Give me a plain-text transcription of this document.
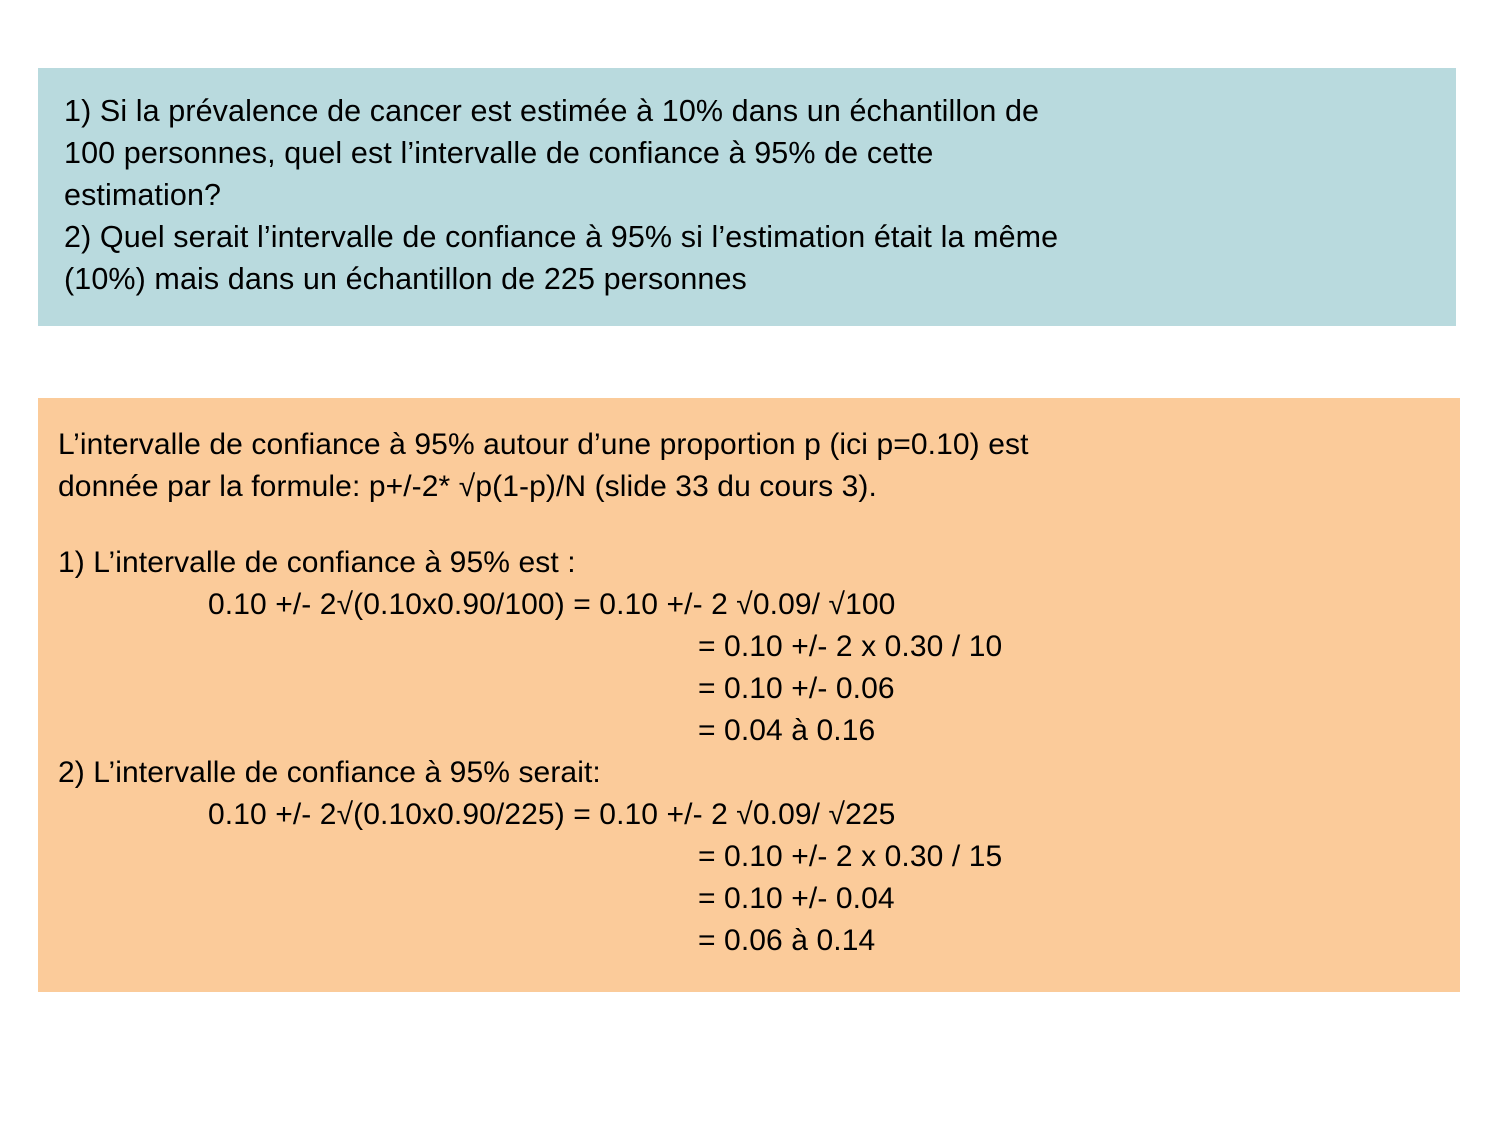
1) Si la prévalence de cancer est estimée à 10% dans un échantillon de
100 personnes, quel est l’intervalle de confiance à 95% de cette
estimation?
2) Quel serait l’intervalle de confiance à 95% si l’estimation était la même
(10%) mais dans un échantillon de 225 personnes
L’intervalle de confiance à 95% autour d’une proportion p (ici p=0.10) est
donnée par la formule: p+/-2* √p(1-p)/N (slide 33 du cours 3).
1) L’intervalle de confiance à 95% est :
0.10 +/- 2√(0.10x0.90/100) = 0.10 +/- 2 √0.09/ √100
= 0.10 +/- 2 x 0.30 / 10
= 0.10 +/- 0.06
= 0.04 à 0.16
2) L’intervalle de confiance à 95% serait:
0.10 +/- 2√(0.10x0.90/225) = 0.10 +/- 2 √0.09/ √225
= 0.10 +/- 2 x 0.30 / 15
= 0.10 +/- 0.04
= 0.06 à 0.14
